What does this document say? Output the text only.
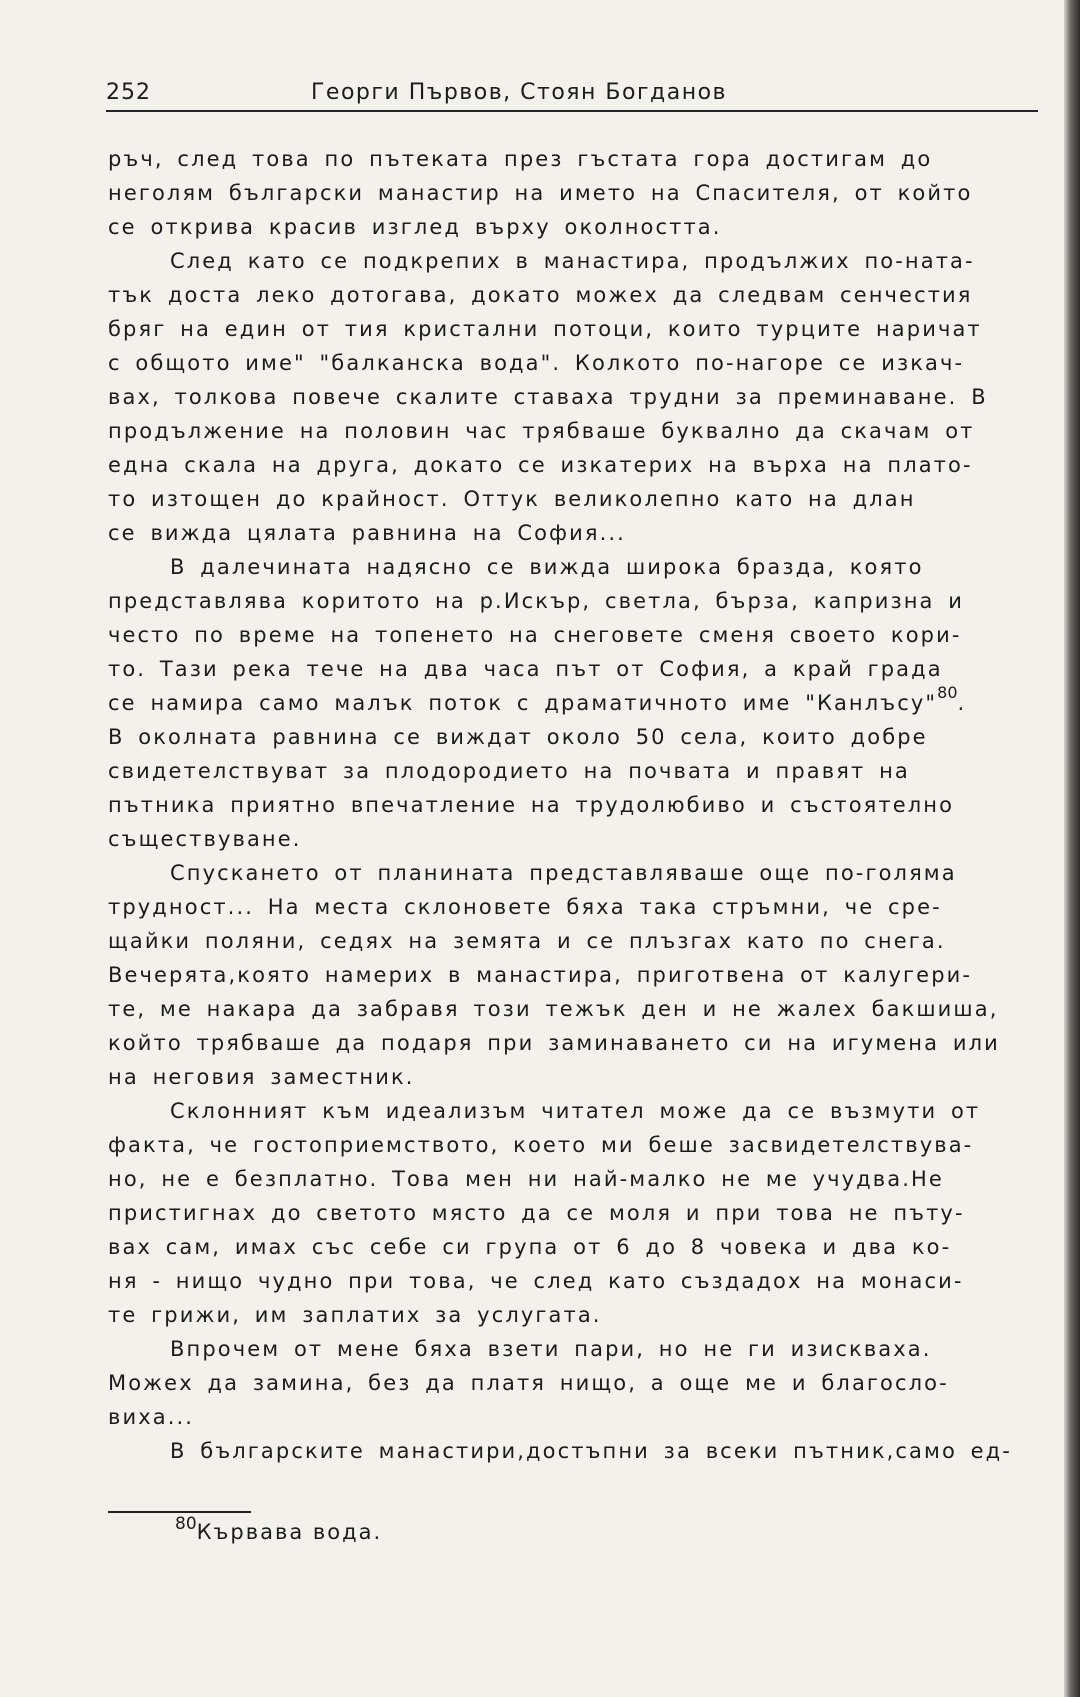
252	Георги Първов, Стоян Богданов
ръч, след това по пътеката през гъстата гора достигам до
неголям български манастир на името на Спасителя, от който
се открива красив изглед върху околността.
След като се подкрепих в манастира, продължих по-ната-
тък доста леко дотогава, докато можех да следвам сенчестия
бряг на един от тия кристални потоци, които турците наричат
с общото име" "балканска вода". Колкото по-нагоре се изкач-
вах, толкова повече скалите ставаха трудни за преминаване. В
продължение на половин час трябваше буквално да скачам от
една скала на друга, докато се изкатерих на върха на плато-
то изтощен до крайност. Оттук великолепно като на длан
се вижда цялата равнина на София...
В далечината надясно се вижда широка бразда, която
представлява коритото на р.Искър, светла, бърза, капризна и
често по време на топенето на снеговете сменя своето кори-
то. Тази река тече на два часа път от София, а край града
се намира само малък поток с драматичното име "Канлъсу"$^{80}$.
В околната равнина се виждат около 50 села, които добре
свидетелствуват за плодородието на почвата и правят на
пътника приятно впечатление на трудолюбиво и състоятелно
съществуване.
Спускането от планината представляваше още по-голяма
трудност... На места склоновете бяха така стръмни, че сре-
щайки поляни, седях на земята и се плъзгах като по снега.
Вечерята,която намерих в манастира, приготвена от калугери-
те, ме накара да забравя този тежък ден и не жалех бакшиша,
който трябваше да подаря при заминаването си на игумена или
на неговия заместник.
Склонният към идеализъм читател може да се възмути от
факта, че гостоприемството, което ми беше засвидетелствува-
но, не е безплатно. Това мен ни най-малко не ме учудва.Не
пристигнах до светото място да се моля и при това не пъту-
вах сам, имах със себе си група от 6 до 8 човека и два ко-
ня - нищо чудно при това, че след като създадох на монаси-
те грижи, им заплатих за услугата.
Впрочем от мене бяха взети пари, но не ги изисквaха.
Можех да замина, без да платя нищо, а още ме и благосло-
виха...
В българските манастири,достъпни за всеки пътник,само ед-
$^{80}$Кървава вода.
